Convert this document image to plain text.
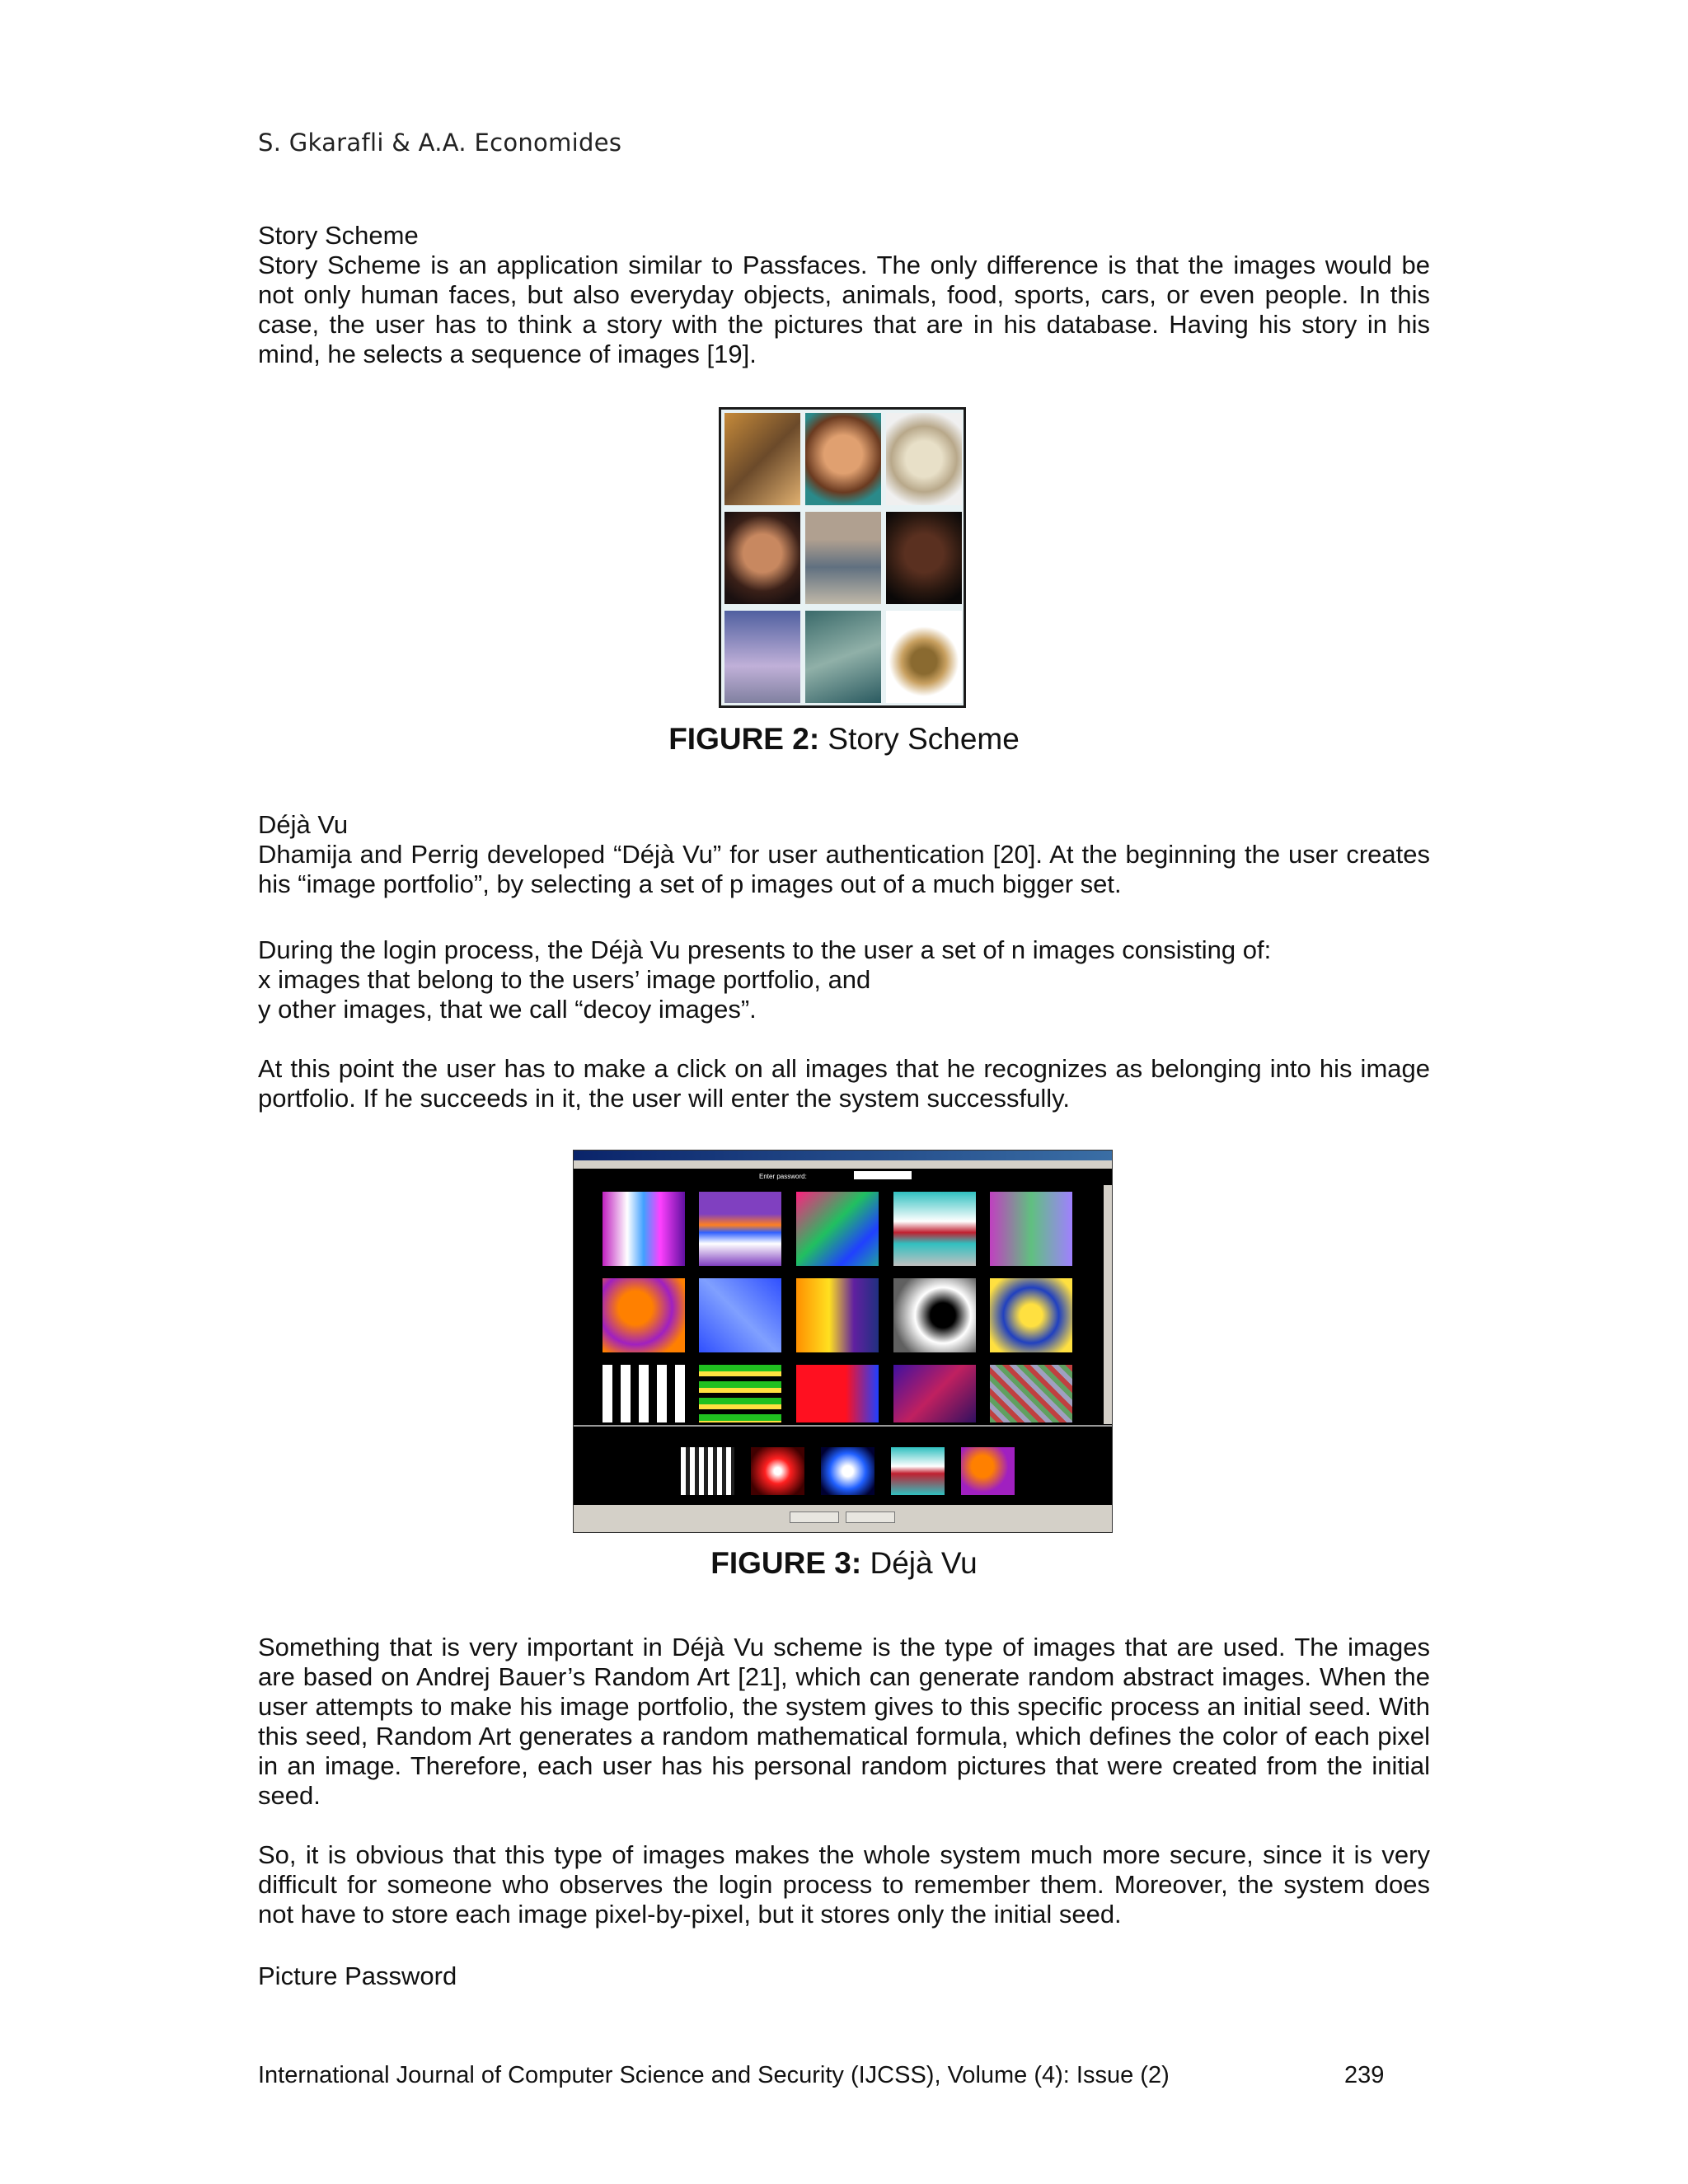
S. Gkarafli & A.A. Economides
Story Scheme

Story Scheme is an application similar to Passfaces. The only difference is that the images would be not only human faces, but also everyday objects, animals, food, sports, cars, or even people. In this case, the user has to think a story with the pictures that are in his database. Having his story in his mind, he selects a sequence of images [19].

FIGURE 2: Story Scheme
Déjà Vu

Dhamija and Perrig developed “Déjà Vu” for user authentication [20]. At the beginning the user creates his “image portfolio”, by selecting a set of p images out of a much bigger set.

During the login process, the Déjà Vu presents to the user a set of n images consisting of:

x images that belong to the users’ image portfolio, and

y other images, that we call “decoy images”.

At this point the user has to make a click on all images that he recognizes as belonging into his image portfolio. If he succeeds in it, the user will enter the system successfully.

Enter password:
FIGURE 3: Déjà Vu

Something that is very important in Déjà Vu scheme is the type of images that are used. The images are based on Andrej Bauer’s Random Art [21], which can generate random abstract images. When the user attempts to make his image portfolio, the system gives to this specific process an initial seed. With this seed, Random Art generates a random mathematical formula, which defines the color of each pixel in an image. Therefore, each user has his personal random pictures that were created from the initial seed.

So, it is obvious that this type of images makes the whole system much more secure, since it is very difficult for someone who observes the login process to remember them. Moreover, the system does not have to store each image pixel-by-pixel, but it stores only the initial seed.

Picture Password
International Journal of Computer Science and Security (IJCSS), Volume (4): Issue (2)	239
